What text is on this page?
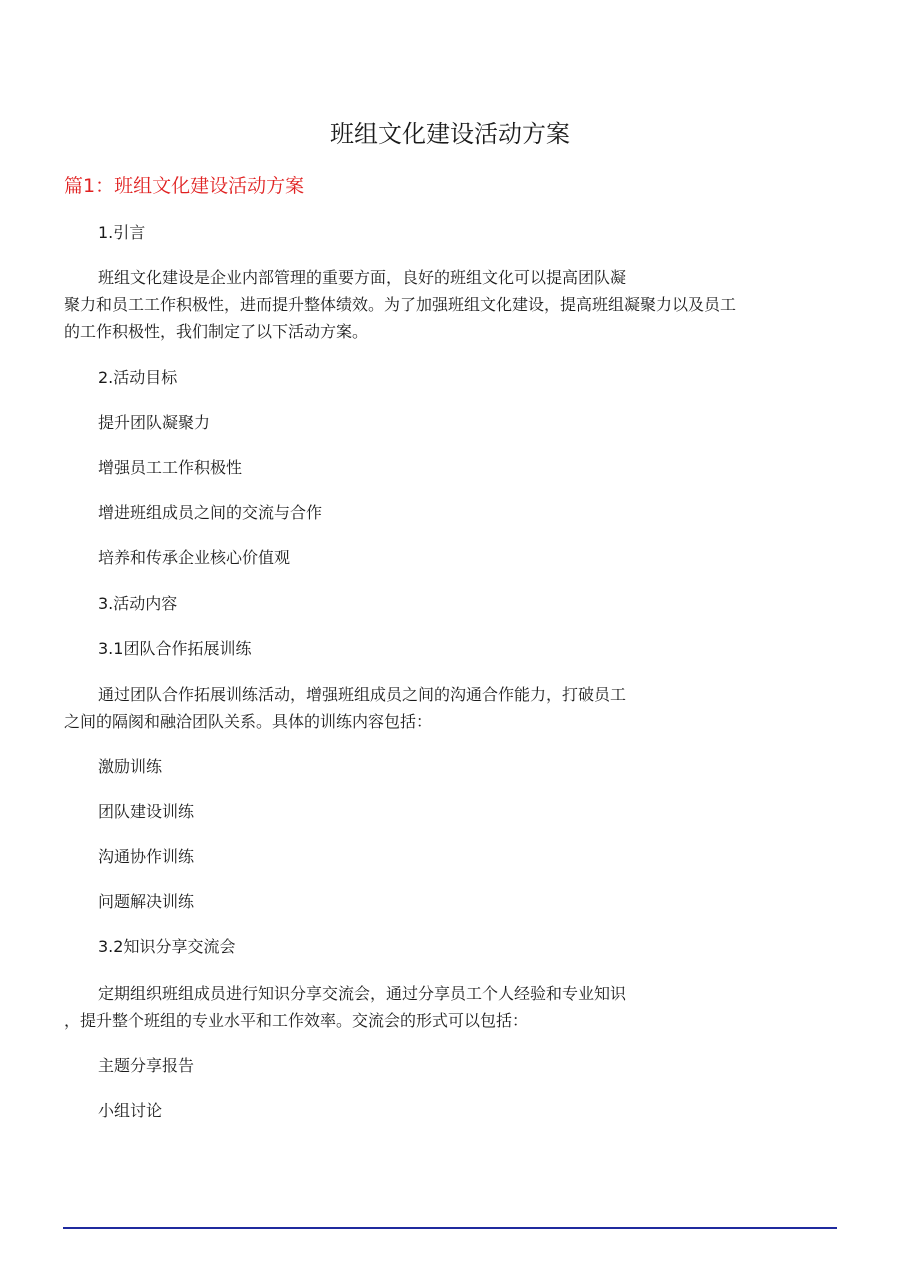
班组文化建设活动方案
篇1：班组文化建设活动方案
1.引言
班组文化建设是企业内部管理的重要方面，良好的班组文化可以提高团队凝
聚力和员工工作积极性，进而提升整体绩效。为了加强班组文化建设，提高班组凝聚力以及员工
的工作积极性，我们制定了以下活动方案。
2.活动目标
提升团队凝聚力
增强员工工作积极性
增进班组成员之间的交流与合作
培养和传承企业核心价值观
3.活动内容
3.1团队合作拓展训练
通过团队合作拓展训练活动，增强班组成员之间的沟通合作能力，打破员工
之间的隔阂和融洽团队关系。具体的训练内容包括：
激励训练
团队建设训练
沟通协作训练
问题解决训练
3.2知识分享交流会
定期组织班组成员进行知识分享交流会，通过分享员工个人经验和专业知识
，提升整个班组的专业水平和工作效率。交流会的形式可以包括：
主题分享报告
小组讨论
